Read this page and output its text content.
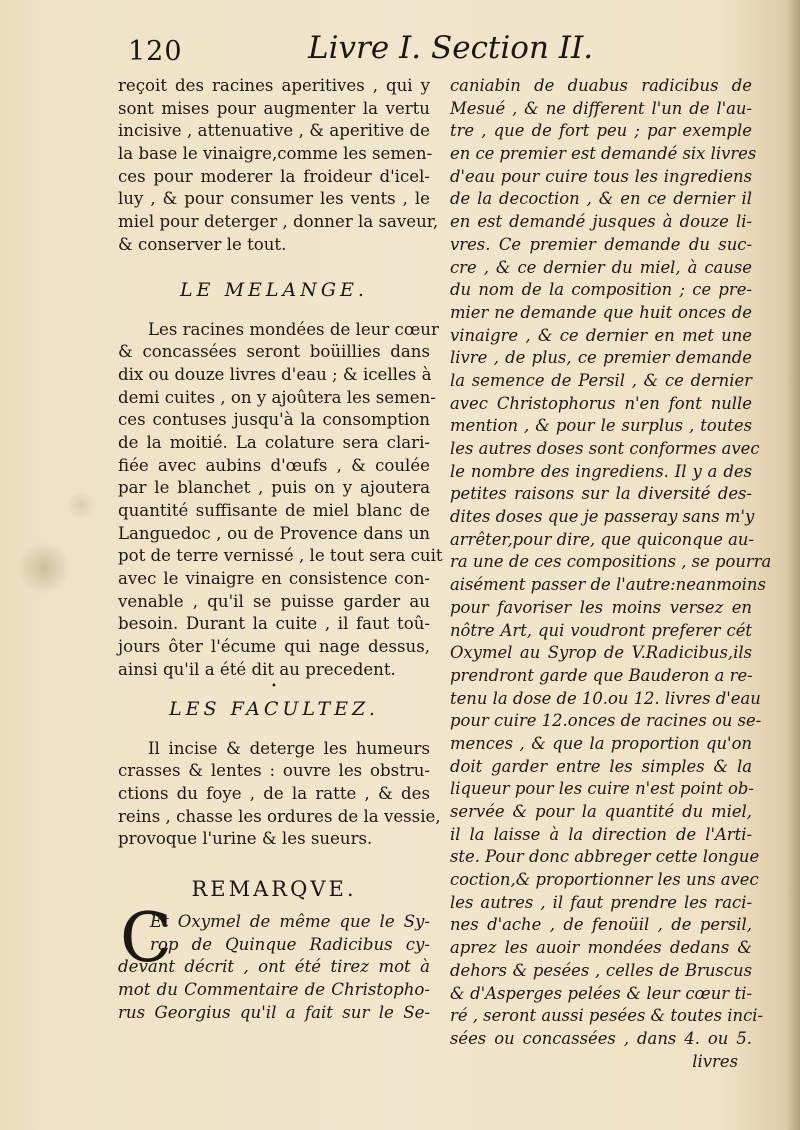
120	Livre I. Section II.
reçoit des racines aperitives , qui y
sont mises pour augmenter la vertu
incisive , attenuative , & aperitive de
la base le vinaigre,comme les semen-
ces pour moderer la froideur d'icel-
luy , & pour consumer les vents , le
miel pour deterger , donner la saveur,
& conserver le tout.
LE MELANGE.
Les racines mondées de leur cœur
& concassées seront boüillies dans
dix ou douze livres d'eau ; & icelles à
demi cuites , on y ajoûtera les semen-
ces contuses jusqu'à la consomption
de la moitié. La colature sera clari-
fiée avec aubins d'œufs , & coulée
par le blanchet , puis on y ajoutera
quantité suffisante de miel blanc de
Languedoc , ou de Provence dans un
pot de terre vernissé , le tout sera cuit
avec le vinaigre en consistence con-
venable , qu'il se puisse garder au
besoin. Durant la cuite , il faut toû-
jours ôter l'écume qui nage dessus,
ainsi qu'il a été dit au precedent.
•
LES FACULTEZ.
Il incise & deterge les humeurs
crasses & lentes : ouvre les obstru-
ctions du foye , de la ratte , & des
reins , chasse les ordures de la vessie,
provoque l'urine & les sueurs.
REMARQVE.
C
Et Oxymel de même que le Sy-
rop de Quinque Radicibus cy-
devant décrit , ont été tirez mot à
mot du Commentaire de Christopho-
rus Georgius qu'il a fait sur le Se-
caniabin de duabus radicibus de
Mesué , & ne different l'un de l'au-
tre , que de fort peu ; par exemple
en ce premier est demandé six livres
d'eau pour cuire tous les ingrediens
de la decoction , & en ce dernier il
en est demandé jusques à douze li-
vres. Ce premier demande du suc-
cre , & ce dernier du miel, à cause
du nom de la composition ; ce pre-
mier ne demande que huit onces de
vinaigre , & ce dernier en met une
livre , de plus, ce premier demande
la semence de Persil , & ce dernier
avec Christophorus n'en font nulle
mention , & pour le surplus , toutes
les autres doses sont conformes avec
le nombre des ingrediens. Il y a des
petites raisons sur la diversité des-
dites doses que je passeray sans m'y
arrêter,pour dire, que quiconque au-
ra une de ces compositions , se pourra
aisément passer de l'autre:neanmoins
pour favoriser les moins versez en
nôtre Art, qui voudront preferer cét
Oxymel au Syrop de V.Radicibus,ils
prendront garde que Bauderon a re-
tenu la dose de 10.ou 12. livres d'eau
pour cuire 12.onces de racines ou se-
mences , & que la proportion qu'on
doit garder entre les simples & la
liqueur pour les cuire n'est point ob-
servée & pour la quantité du miel,
il la laisse à la direction de l'Arti-
ste. Pour donc abbreger cette longue
coction,& proportionner les uns avec
les autres , il faut prendre les raci-
nes d'ache , de fenoüil , de persil,
aprez les auoir mondées dedans &
dehors & pesées , celles de Bruscus
& d'Asperges pelées & leur cœur ti-
ré , seront aussi pesées & toutes inci-
sées ou concassées , dans 4. ou 5.
livres
